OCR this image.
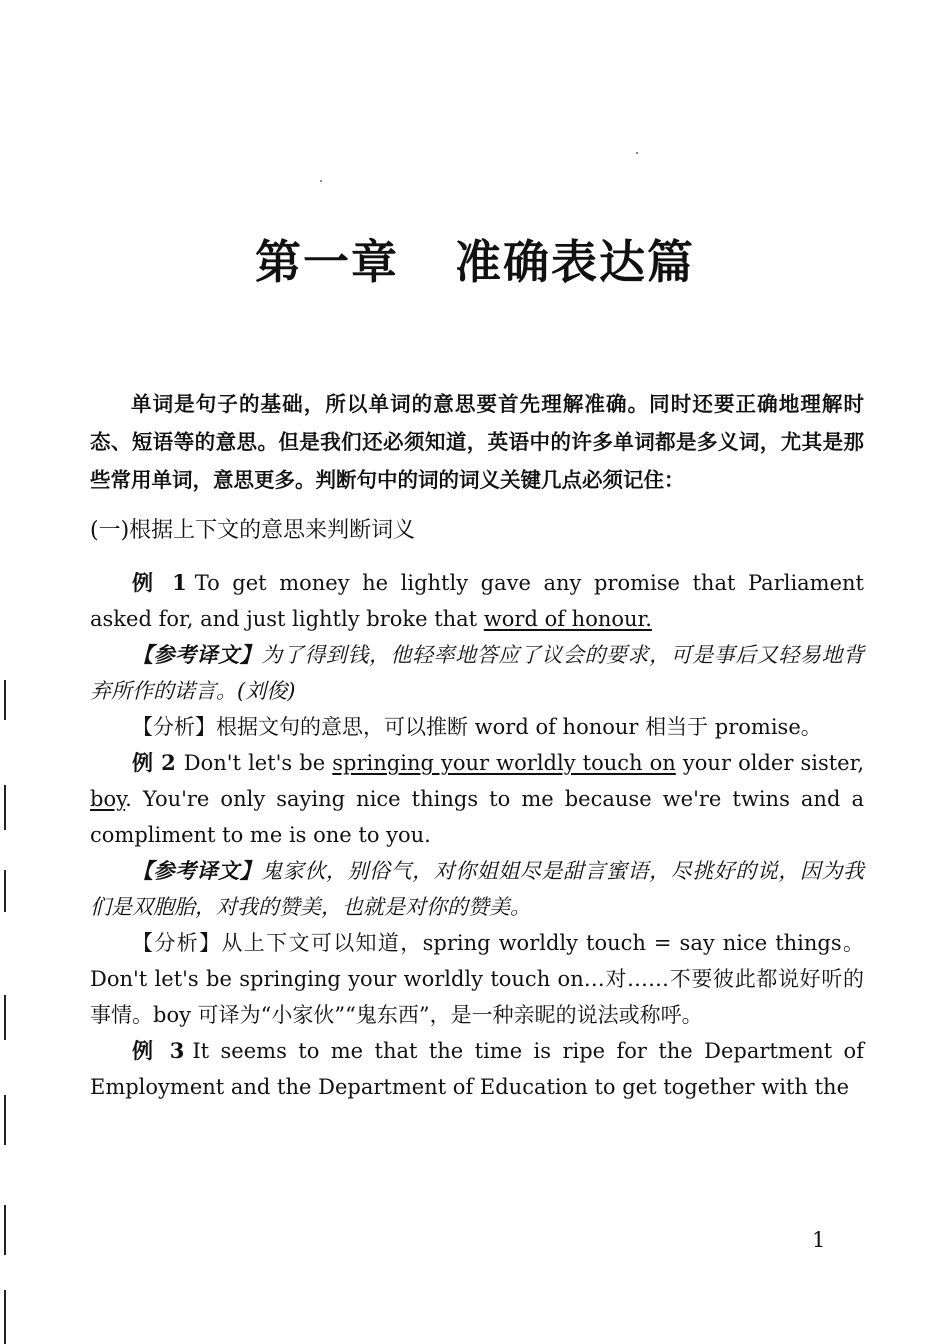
第一章 准确表达篇

单词是句子的基础，所以单词的意思要首先理解准确。同时还要正确地理解时态、短语等的意思。但是我们还必须知道，英语中的许多单词都是多义词，尤其是那些常用单词，意思更多。判断句中的词的词义关键几点必须记住：

(一)根据上下文的意思来判断词义

例 1 To get money he lightly gave any promise that Parliament asked for, and just lightly broke that word of honour.

【参考译文】为了得到钱，他轻率地答应了议会的要求，可是事后又轻易地背弃所作的诺言。(刘俊)

【分析】根据文句的意思，可以推断 word of honour 相当于 promise。

例 2 Don't let's be springing your worldly touch on your older sister, boy. You're only saying nice things to me because we're twins and a compliment to me is one to you.

【参考译文】鬼家伙，别俗气，对你姐姐尽是甜言蜜语，尽挑好的说，因为我们是双胞胎，对我的赞美，也就是对你的赞美。

【分析】从上下文可以知道，spring worldly touch = say nice things。Don't let's be springing your worldly touch on…对……不要彼此都说好听的事情。boy 可译为“小家伙”“鬼东西”，是一种亲昵的说法或称呼。

例 3 It seems to me that the time is ripe for the Department of Employment and the Department of Education to get together with the

1
